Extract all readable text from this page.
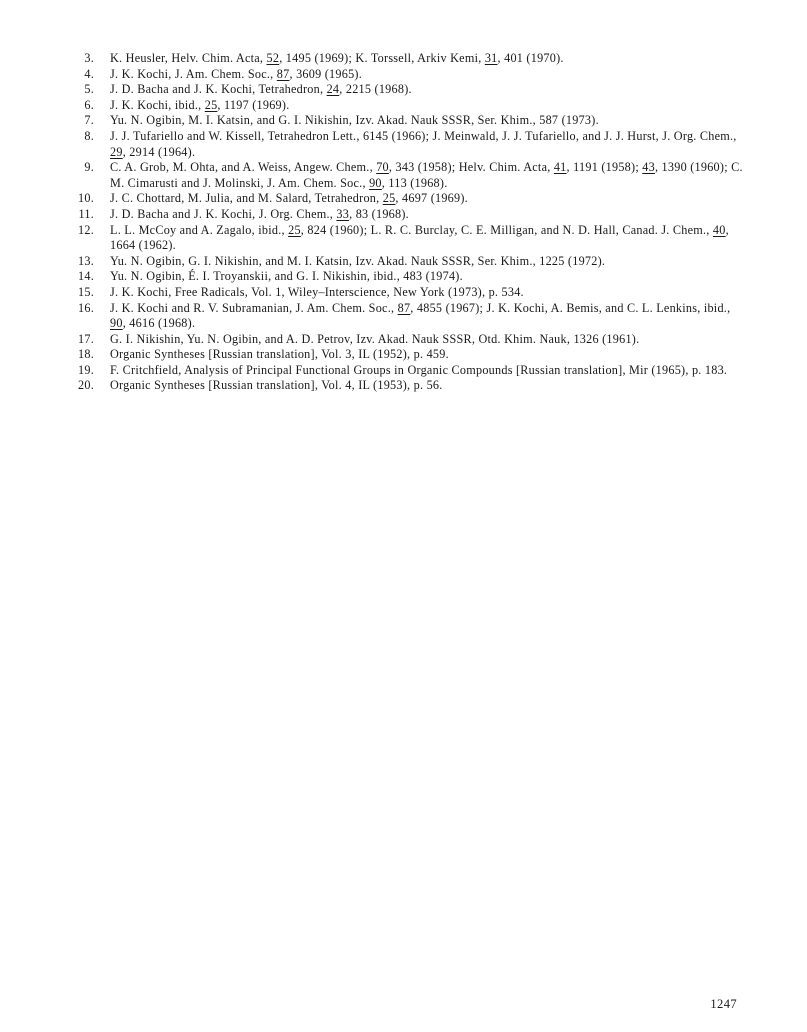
3. K. Heusler, Helv. Chim. Acta, 52, 1495 (1969); K. Torssell, Arkiv Kemi, 31, 401 (1970).
4. J. K. Kochi, J. Am. Chem. Soc., 87, 3609 (1965).
5. J. D. Bacha and J. K. Kochi, Tetrahedron, 24, 2215 (1968).
6. J. K. Kochi, ibid., 25, 1197 (1969).
7. Yu. N. Ogibin, M. I. Katsin, and G. I. Nikishin, Izv. Akad. Nauk SSSR, Ser. Khim., 587 (1973).
8. J. J. Tufariello and W. Kissell, Tetrahedron Lett., 6145 (1966); J. Meinwald, J. J. Tufariello, and J. J. Hurst, J. Org. Chem., 29, 2914 (1964).
9. C. A. Grob, M. Ohta, and A. Weiss, Angew. Chem., 70, 343 (1958); Helv. Chim. Acta, 41, 1191 (1958); 43, 1390 (1960); C. M. Cimarusti and J. Molinski, J. Am. Chem. Soc., 90, 113 (1968).
10. J. C. Chottard, M. Julia, and M. Salard, Tetrahedron, 25, 4697 (1969).
11. J. D. Bacha and J. K. Kochi, J. Org. Chem., 33, 83 (1968).
12. L. L. McCoy and A. Zagalo, ibid., 25, 824 (1960); L. R. C. Burclay, C. E. Milligan, and N. D. Hall, Canad. J. Chem., 40, 1664 (1962).
13. Yu. N. Ogibin, G. I. Nikishin, and M. I. Katsin, Izv. Akad. Nauk SSSR, Ser. Khim., 1225 (1972).
14. Yu. N. Ogibin, É. I. Troyanskii, and G. I. Nikishin, ibid., 483 (1974).
15. J. K. Kochi, Free Radicals, Vol. 1, Wiley–Interscience, New York (1973), p. 534.
16. J. K. Kochi and R. V. Subramanian, J. Am. Chem. Soc., 87, 4855 (1967); J. K. Kochi, A. Bemis, and C. L. Lenkins, ibid., 90, 4616 (1968).
17. G. I. Nikishin, Yu. N. Ogibin, and A. D. Petrov, Izv. Akad. Nauk SSSR, Otd. Khim. Nauk, 1326 (1961).
18. Organic Syntheses [Russian translation], Vol. 3, IL (1952), p. 459.
19. F. Critchfield, Analysis of Principal Functional Groups in Organic Compounds [Russian translation], Mir (1965), p. 183.
20. Organic Syntheses [Russian translation], Vol. 4, IL (1953), p. 56.
1247
